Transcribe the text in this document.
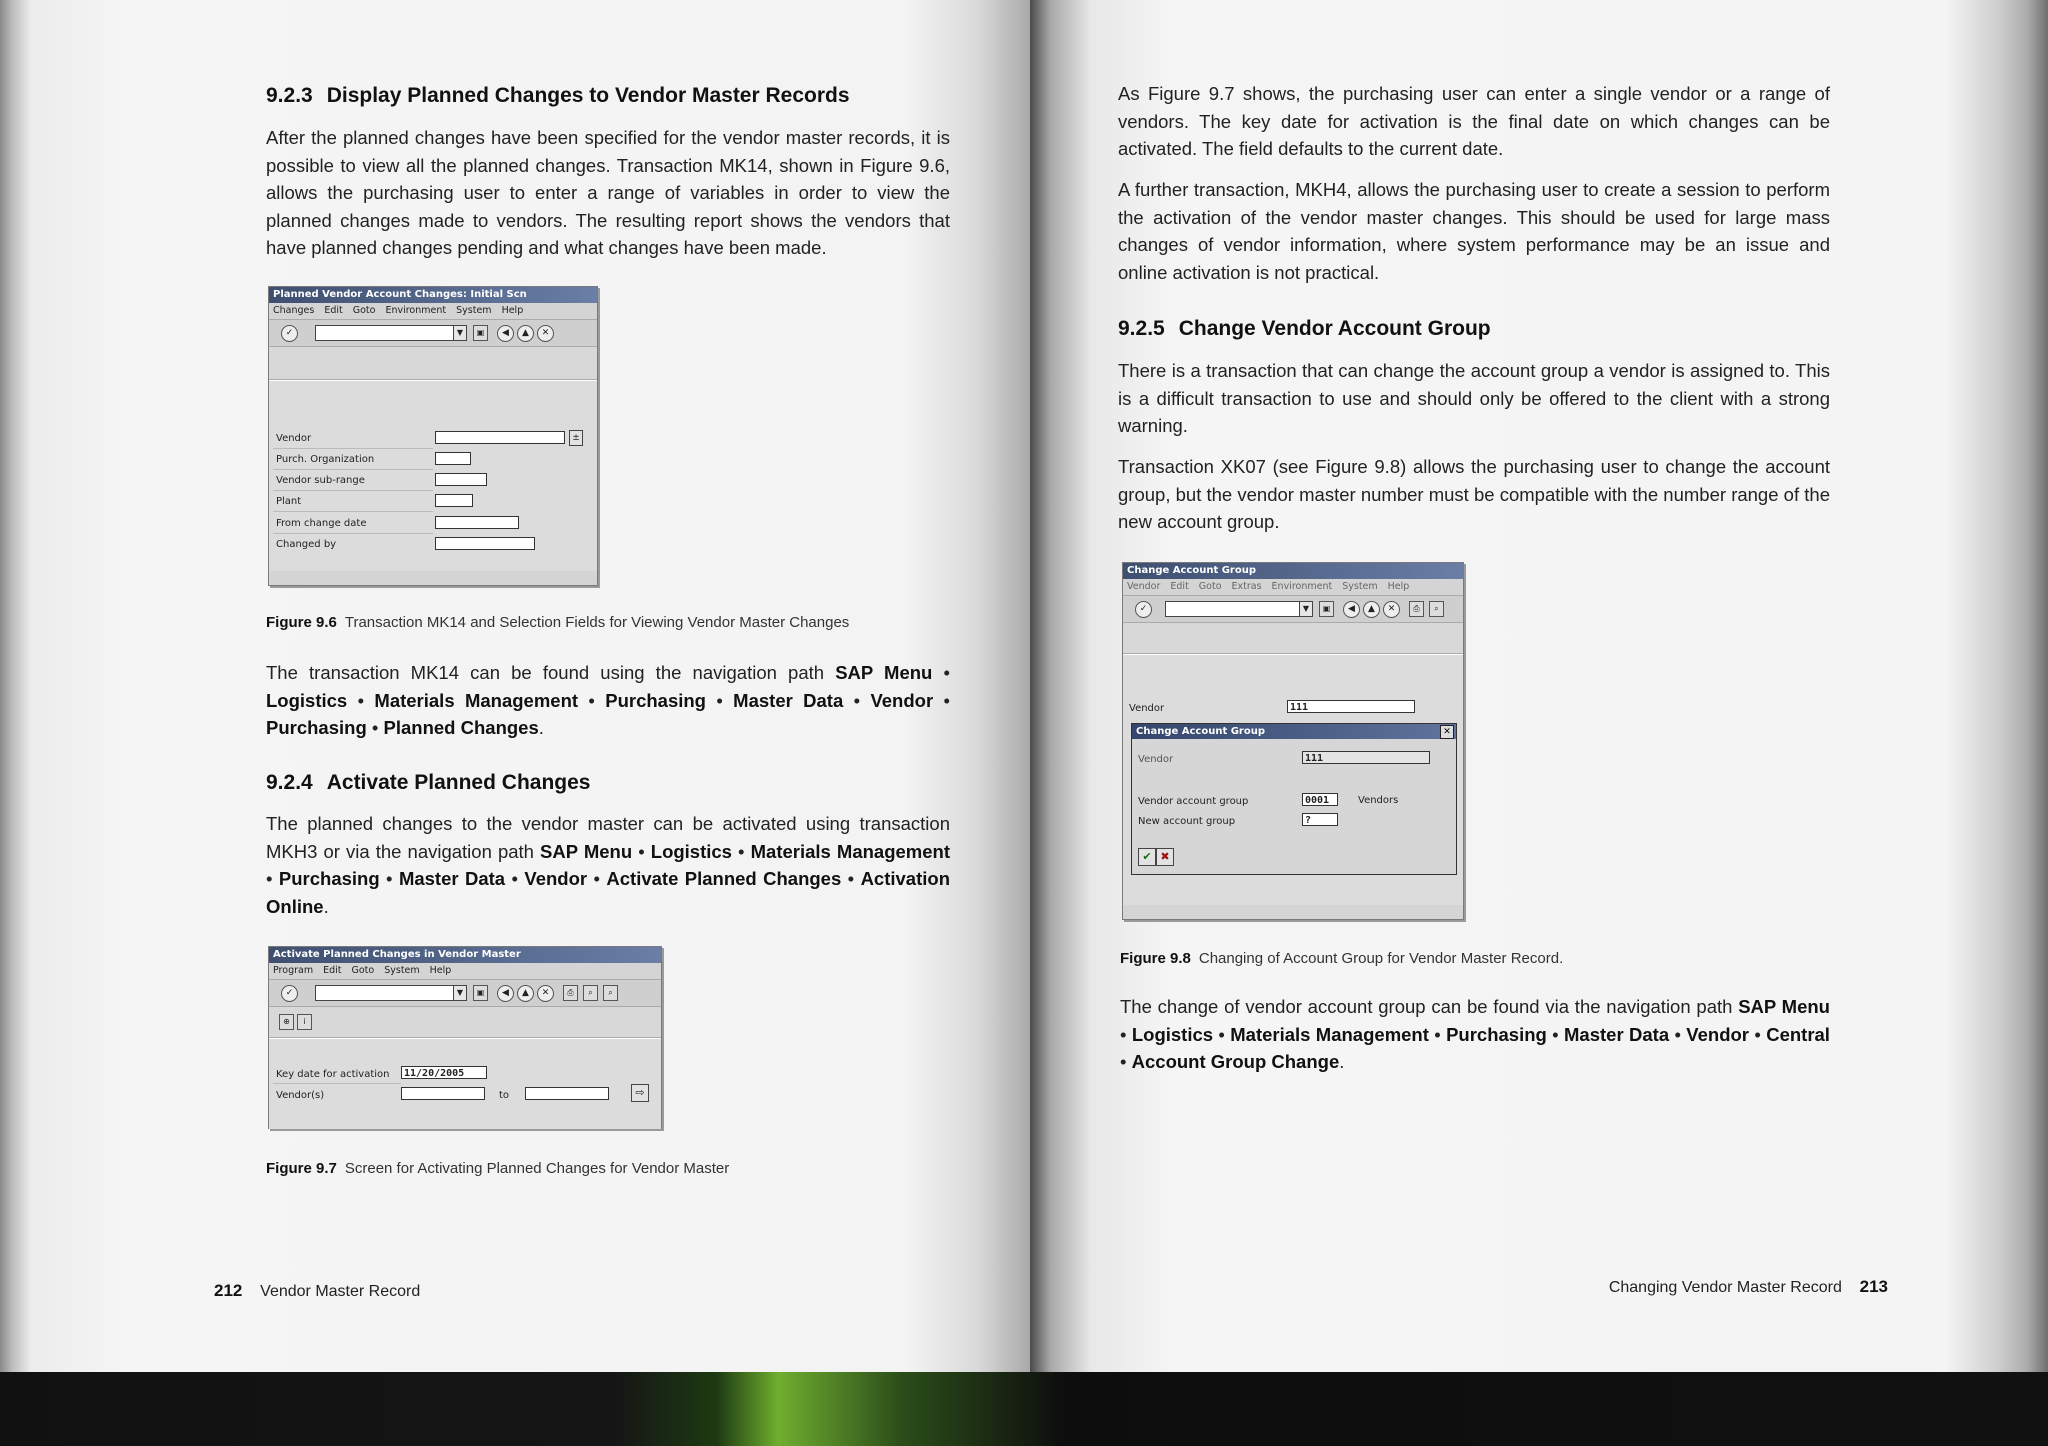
9.2.3 Display Planned Changes to Vendor Master Records

After the planned changes have been specified for the vendor master records, it is possible to view all the planned changes. Transaction MK14, shown in Figure 9.6, allows the purchasing user to enter a range of variables in order to view the planned changes made to vendors. The resulting report shows the vendors that have planned changes pending and what changes have been made.

Planned Vendor Account Changes: Initial Scn
Changes Edit Goto Environment System Help
✓	▼	▣	◀	▲	✕
Vendor	±
Purch. Organization
Vendor sub-range
Plant
From change date
Changed by
Figure 9.6 Transaction MK14 and Selection Fields for Viewing Vendor Master Changes

The transaction MK14 can be found using the navigation path SAP Menu • Logistics • Materials Management • Purchasing • Master Data • Vendor • Purchasing • Planned Changes.

9.2.4 Activate Planned Changes

The planned changes to the vendor master can be activated using transaction MKH3 or via the navigation path SAP Menu • Logistics • Materials Management • Purchasing • Master Data • Vendor • Activate Planned Changes • Activation Online.

Activate Planned Changes in Vendor Master
Program Edit Goto System Help
✓	▼	▣	◀	▲	✕	⎙	⌕	⌕
⊕	i
Key date for activation	11/20/2005
Vendor(s)	to	⇨
Figure 9.7 Screen for Activating Planned Changes for Vendor Master
212 Vendor Master Record

As Figure 9.7 shows, the purchasing user can enter a single vendor or a range of vendors. The key date for activation is the final date on which changes can be activated. The field defaults to the current date.

A further transaction, MKH4, allows the purchasing user to create a session to perform the activation of the vendor master changes. This should be used for large mass changes of vendor information, where system performance may be an issue and online activation is not practical.

9.2.5 Change Vendor Account Group

There is a transaction that can change the account group a vendor is assigned to. This is a difficult transaction to use and should only be offered to the client with a strong warning.

Transaction XK07 (see Figure 9.8) allows the purchasing user to change the account group, but the vendor master number must be compatible with the number range of the new account group.

Change Account Group
Vendor Edit Goto Extras Environment System Help
✓	▼	▣	◀	▲	✕	⎙	⌕
Vendor	111
Change Account Group	✕
Vendor	111
Vendor account group	0001	Vendors
New account group	?
✔ ✖
Figure 9.8 Changing of Account Group for Vendor Master Record.

The change of vendor account group can be found via the navigation path SAP Menu • Logistics • Materials Management • Purchasing • Master Data • Vendor • Central • Account Group Change.

Changing Vendor Master Record 213
